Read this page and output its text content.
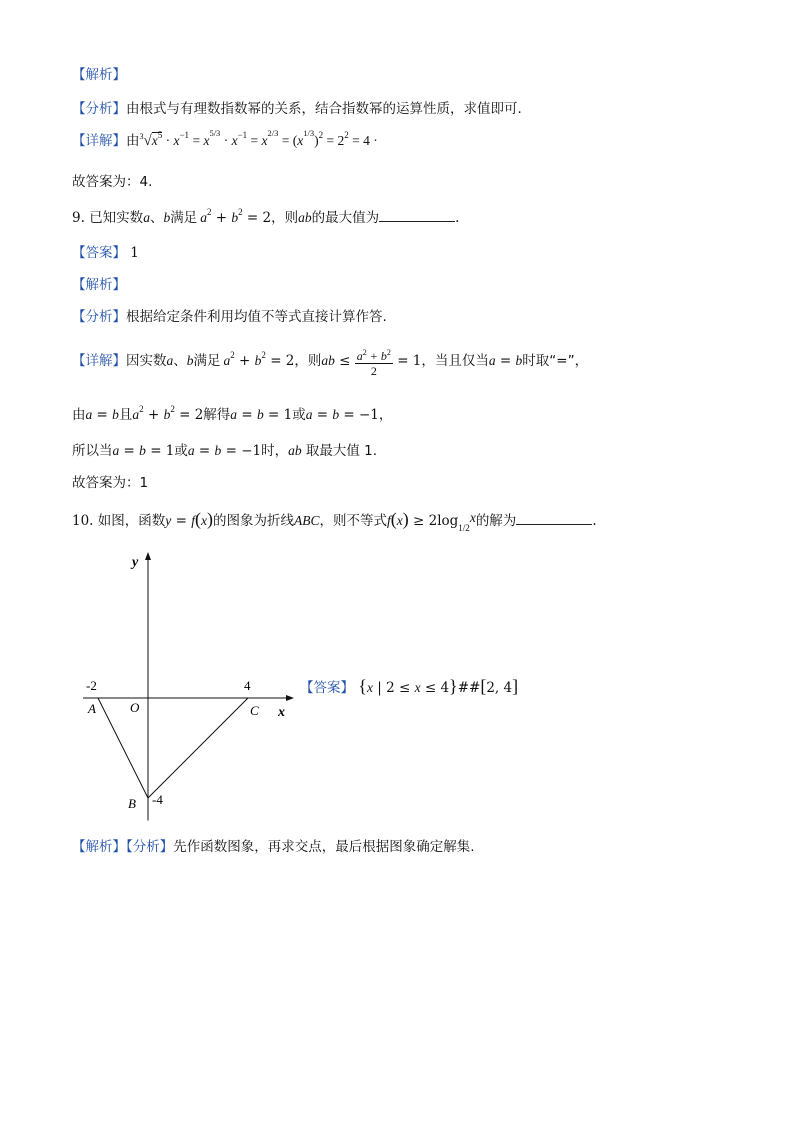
【解析】
【分析】由根式与有理数指数幂的关系，结合指数幂的运算性质，求值即可.
【详解】由$^3√x^5 \cdot x^{-1} = x^{5/3} \cdot x^{-1} = x^{2/3} = (x^{1/3})^2 = 2^2 = 4$ ·
故答案为：4.
9. 已知实数a、b满足 $a^2 + b^2 = 2$，则ab的最大值为	.
【答案】 1
【解析】
【分析】根据给定条件利用均值不等式直接计算作答.
【详解】因实数a、b满足 $a^2 + b^2 = 2$，则ab ≤ $\frac{a^2 + b^2}{2} = 1$，当且仅当a = b时取“=”，
由a = b且$a^2 + b^2 = 2$解得a = b = 1或a = b = −1，
所以当a = b = 1或a = b = −1时，ab 取最大值 1.
故答案为：1
10. 如图，函数y = f(x)的图象为折线ABC，则不等式$f(x) \ge 2\log_{1/2}x$的解为	.
y
x
O
A
B
C
-2	4
-4
【答案】 {x | 2 ≤ x ≤ 4}##[2, 4]
【解析】【分析】先作函数图象，再求交点，最后根据图象确定解集.
